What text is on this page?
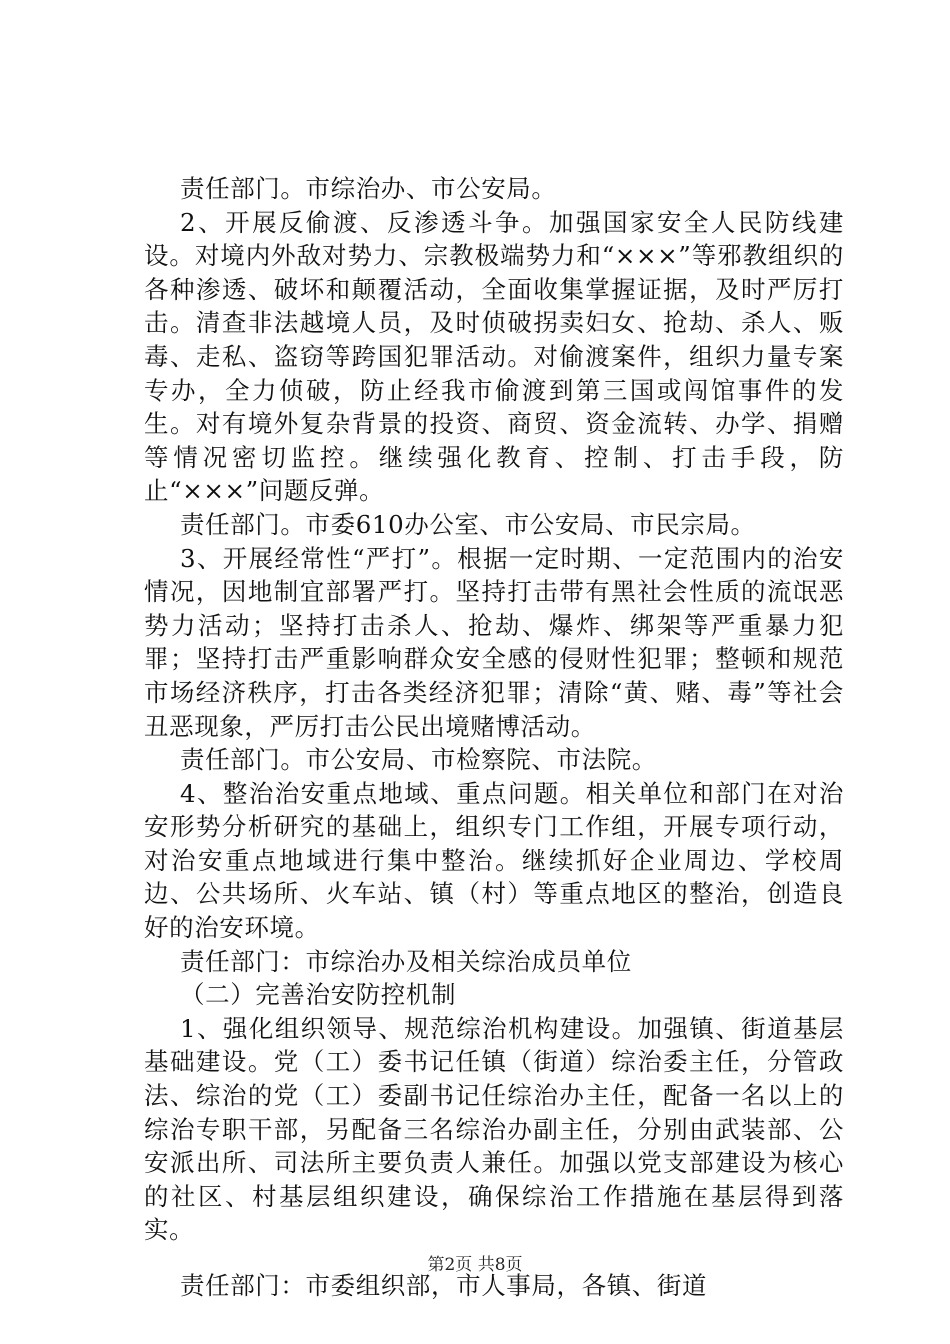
责任部门。市综治办、市公安局。

2、开展反偷渡、反渗透斗争。加强国家安全人民防线建设。对境内外敌对势力、宗教极端势力和“×××”等邪教组织的各种渗透、破坏和颠覆活动，全面收集掌握证据，及时严厉打击。清查非法越境人员，及时侦破拐卖妇女、抢劫、杀人、贩毒、走私、盗窃等跨国犯罪活动。对偷渡案件，组织力量专案专办，全力侦破，防止经我市偷渡到第三国或闯馆事件的发生。对有境外复杂背景的投资、商贸、资金流转、办学、捐赠等情况密切监控。继续强化教育、控制、打击手段，防止“×××”问题反弹。

责任部门。市委610办公室、市公安局、市民宗局。

3、开展经常性“严打”。根据一定时期、一定范围内的治安情况，因地制宜部署严打。坚持打击带有黑社会性质的流氓恶势力活动；坚持打击杀人、抢劫、爆炸、绑架等严重暴力犯罪；坚持打击严重影响群众安全感的侵财性犯罪；整顿和规范市场经济秩序，打击各类经济犯罪；清除“黄、赌、毒”等社会丑恶现象，严厉打击公民出境赌博活动。

责任部门。市公安局、市检察院、市法院。

4、整治治安重点地域、重点问题。相关单位和部门在对治安形势分析研究的基础上，组织专门工作组，开展专项行动，对治安重点地域进行集中整治。继续抓好企业周边、学校周边、公共场所、火车站、镇（村）等重点地区的整治，创造良好的治安环境。

责任部门：市综治办及相关综治成员单位

（二）完善治安防控机制

1、强化组织领导、规范综治机构建设。加强镇、街道基层基础建设。党（工）委书记任镇（街道）综治委主任，分管政法、综治的党（工）委副书记任综治办主任，配备一名以上的综治专职干部，另配备三名综治办副主任，分别由武装部、公安派出所、司法所主要负责人兼任。加强以党支部建设为核心的社区、村基层组织建设，确保综治工作措施在基层得到落实。

责任部门：市委组织部，市人事局，各镇、街道

第2页 共8页
